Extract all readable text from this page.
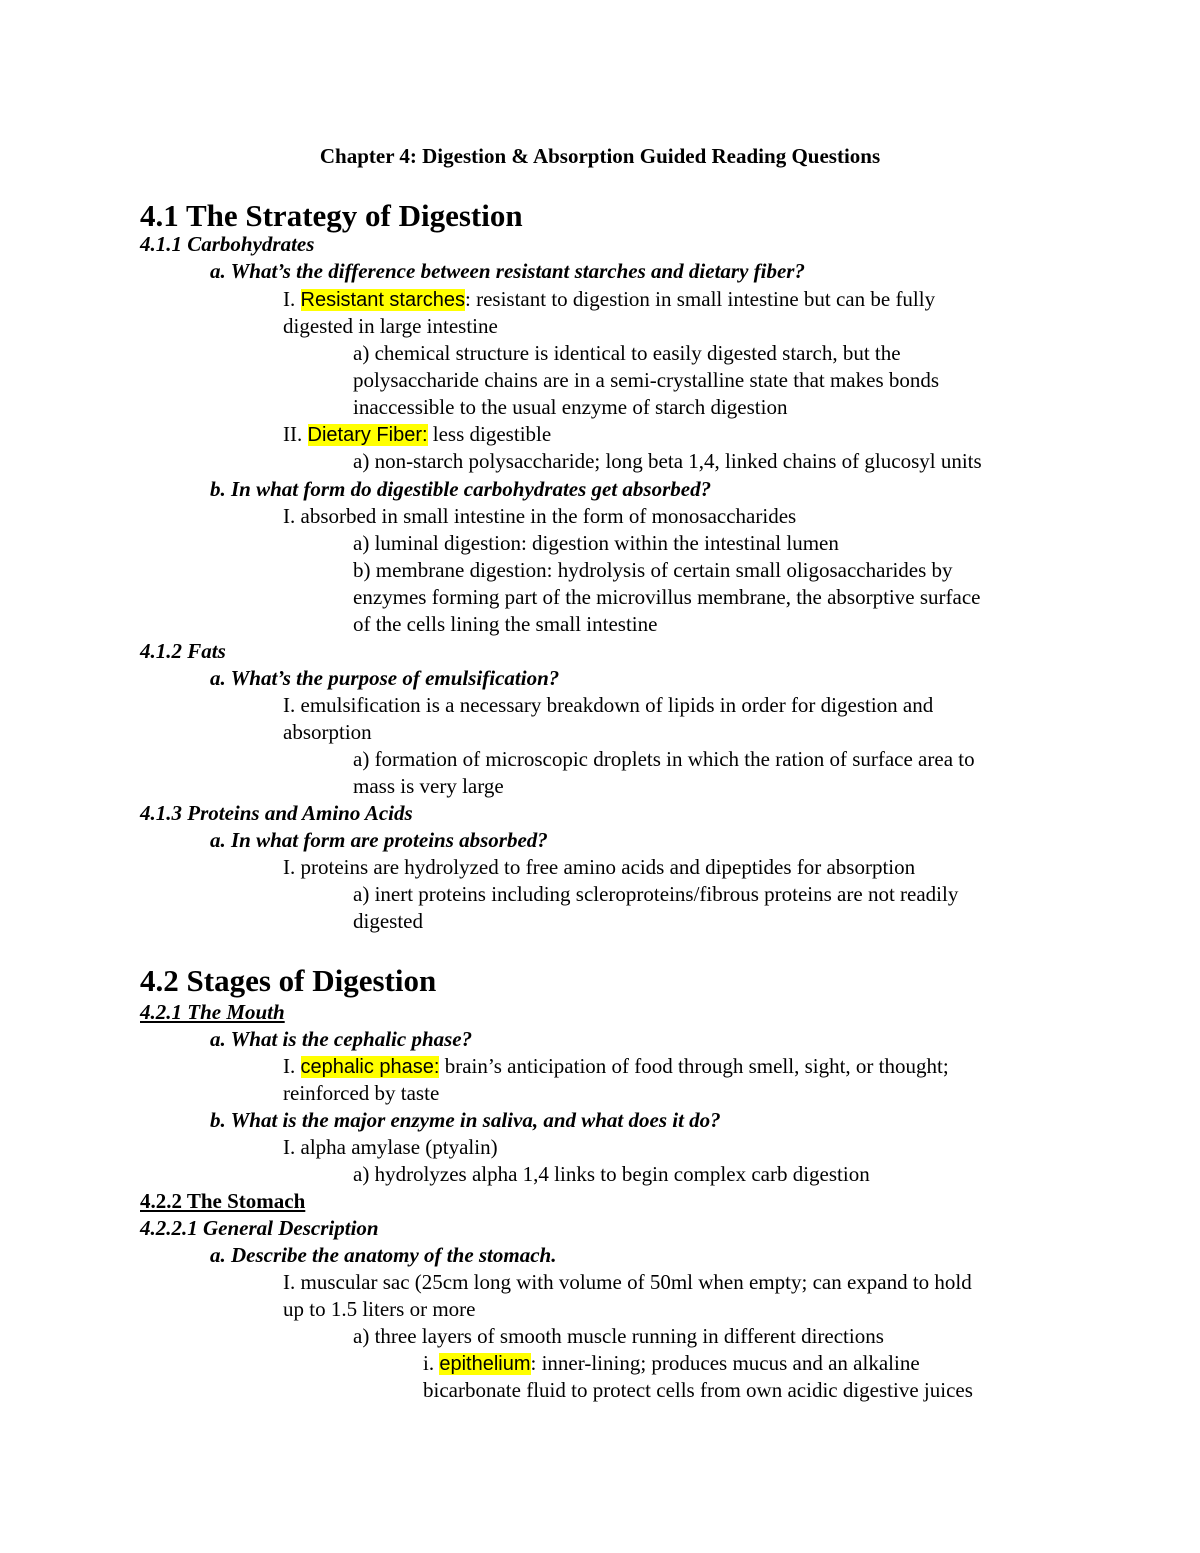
Chapter 4: Digestion & Absorption Guided Reading Questions
4.1 The Strategy of Digestion
4.1.1 Carbohydrates
a. What’s the difference between resistant starches and dietary fiber?
I. Resistant starches: resistant to digestion in small intestine but can be fully
digested in large intestine
a) chemical structure is identical to easily digested starch, but the
polysaccharide chains are in a semi-crystalline state that makes bonds
inaccessible to the usual enzyme of starch digestion
II. Dietary Fiber: less digestible
a) non-starch polysaccharide; long beta 1,4, linked chains of glucosyl units
b. In what form do digestible carbohydrates get absorbed?
I. absorbed in small intestine in the form of monosaccharides
a) luminal digestion: digestion within the intestinal lumen
b) membrane digestion: hydrolysis of certain small oligosaccharides by
enzymes forming part of the microvillus membrane, the absorptive surface
of the cells lining the small intestine
4.1.2 Fats
a. What’s the purpose of emulsification?
I. emulsification is a necessary breakdown of lipids in order for digestion and
absorption
a) formation of microscopic droplets in which the ration of surface area to
mass is very large
4.1.3 Proteins and Amino Acids
a. In what form are proteins absorbed?
I. proteins are hydrolyzed to free amino acids and dipeptides for absorption
a) inert proteins including scleroproteins/fibrous proteins are not readily
digested
4.2 Stages of Digestion
4.2.1 The Mouth
a. What is the cephalic phase?
I. cephalic phase: brain’s anticipation of food through smell, sight, or thought;
reinforced by taste
b. What is the major enzyme in saliva, and what does it do?
I. alpha amylase (ptyalin)
a) hydrolyzes alpha 1,4 links to begin complex carb digestion
4.2.2 The Stomach
4.2.2.1 General Description
a. Describe the anatomy of the stomach.
I. muscular sac (25cm long with volume of 50ml when empty; can expand to hold
up to 1.5 liters or more
a) three layers of smooth muscle running in different directions
i. epithelium: inner-lining; produces mucus and an alkaline
bicarbonate fluid to protect cells from own acidic digestive juices
